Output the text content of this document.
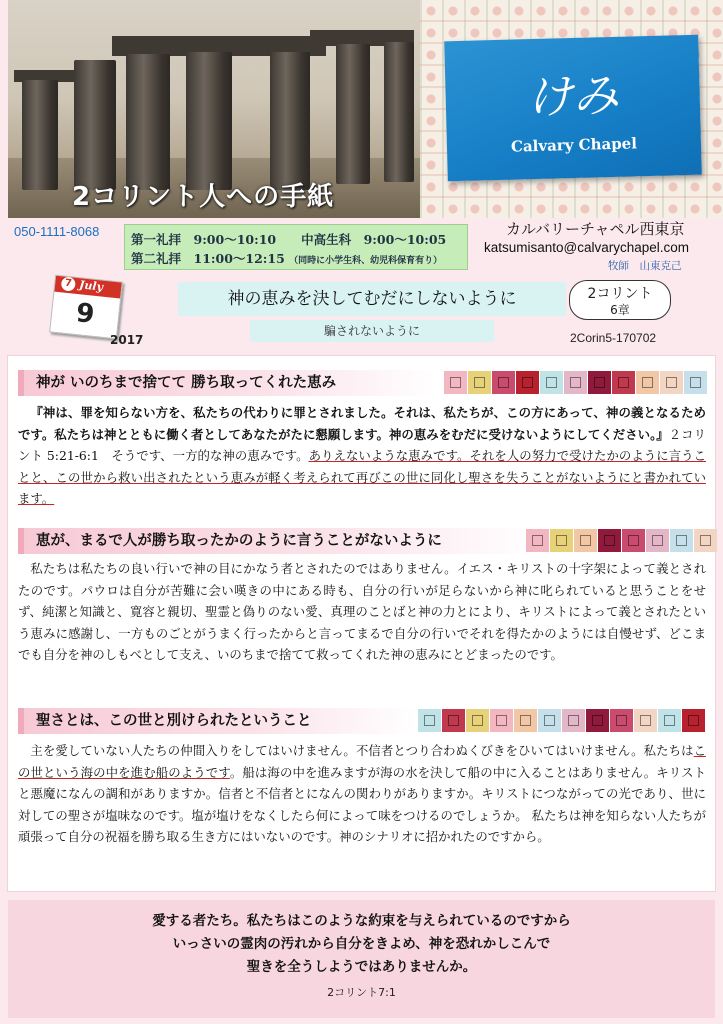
2コリント人への手紙
けみ
Calvary Chapel
050-1111-8068
第一礼拝　9:00〜10:10　　中高生科　9:00〜10:05
第二礼拝　11:00〜12:15 （同時に小学生科、幼児科保育有り）
カルバリーチャペル西東京
katsumisanto@calvarychapel.com
牧師　山東克己
7 July
9
2017
神の恵みを決してむだにしないように
騙されないように
2コリント
6章
2Corin5-170702
神が いのちまで捨てて 勝ち取ってくれた恵み

『神は、罪を知らない方を、私たちの代わりに罪とされました。それは、私たちが、この方にあって、神の義となるためです。私たちは神とともに働く者としてあなたがたに懇願します。神の恵みをむだに受けないようにしてください。』２コリント 5:21-6:1　そうです、一方的な神の恵みです。ありえないような恵みです。それを人の努力で受けたかのように言うことと、この世から救い出されたという恵みが軽く考えられて再びこの世に同化し聖さを失うことがないようにと書かれています。

恵が、まるで人が勝ち取ったかのように言うことがないように

私たちは私たちの良い行いで神の目にかなう者とされたのではありません。イエス・キリストの十字架によって義とされたのです。パウロは自分が苦難に会い嘆きの中にある時も、自分の行いが足らないから神に叱られていると思うことをせず、純潔と知識と、寛容と親切、聖霊と偽りのない愛、真理のことばと神の力とにより、キリストによって義とされたという恵みに感謝し、一方ものごとがうまく行ったからと言ってまるで自分の行いでそれを得たかのようには自慢せず、どこまでも自分を神のしもべとして支え、いのちまで捨てて救ってくれた神の恵みにとどまったのです。

聖さとは、この世と別けられたということ

主を愛していない人たちの仲間入りをしてはいけません。不信者とつり合わぬくびきをひいてはいけません。私たちはこの世という海の中を進む船のようです。船は海の中を進みますが海の水を決して船の中に入ることはありません。キリストと悪魔になんの調和がありますか。信者と不信者とになんの関わりがありますか。キリストにつながっての光であり、世に対しての聖さが塩味なのです。塩が塩けをなくしたら何によって味をつけるのでしょうか。 私たちは神を知らない人たちが頑張って自分の祝福を勝ち取る生き方にはいないのです。神のシナリオに招かれたのですから。

愛する者たち。私たちはこのような約束を与えられているのですから
いっさいの霊肉の汚れから自分をきよめ、神を恐れかしこんで
聖きを全うしようではありませんか。
2コリント7:1
